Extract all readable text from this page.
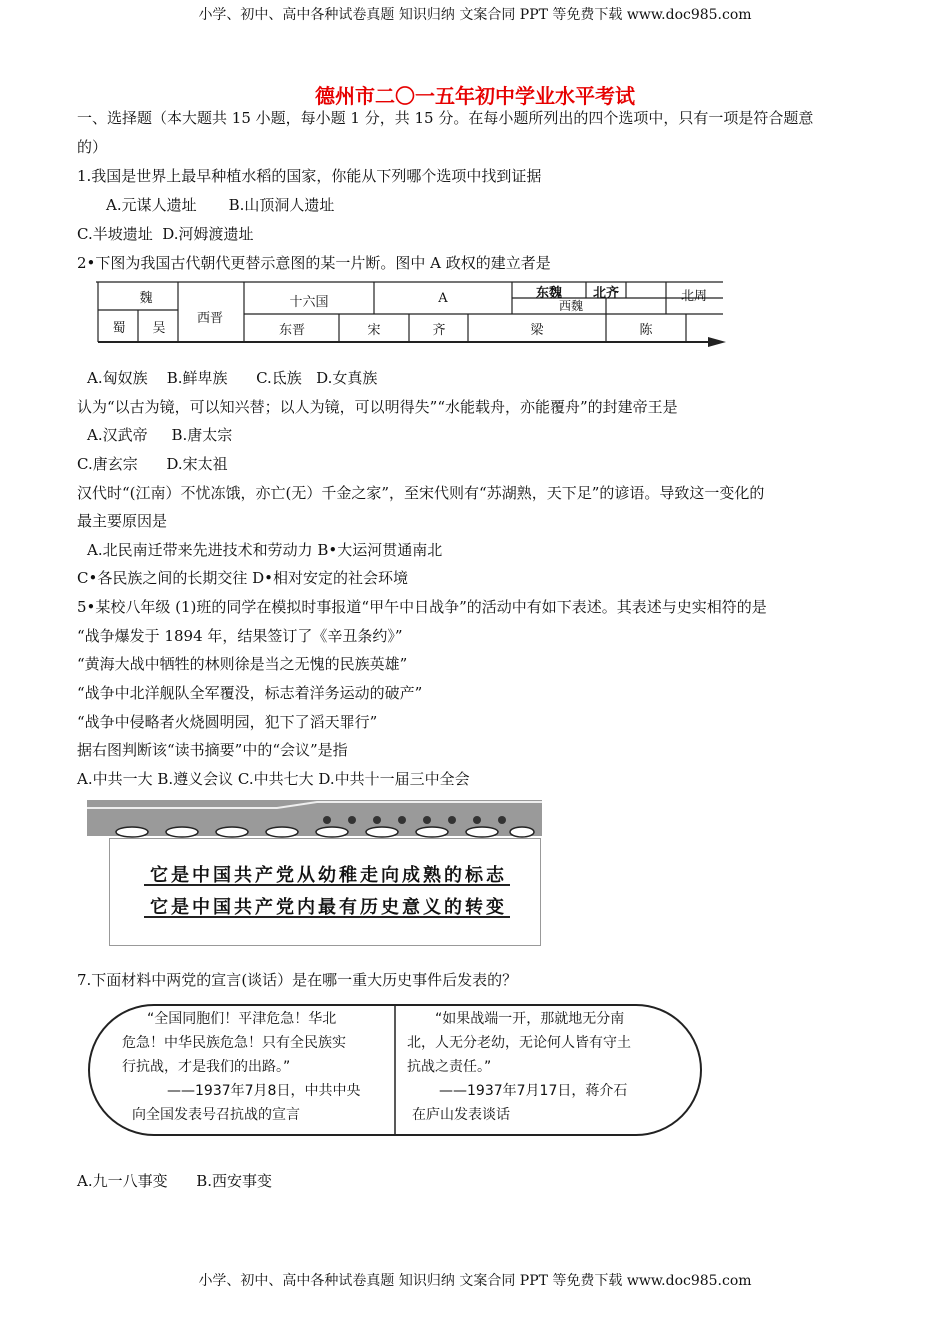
小学、初中、高中各种试卷真题 知识归纳 文案合同 PPT 等免费下载 www.doc985.com
德州市二〇一五年初中学业水平考试
一、选择题（本大题共 15 小题，每小题 1 分，共 15 分。在每小题所列出的四个选项中，只有一项是符合题意
的）
1.我国是世界上最早种植水稻的国家，你能从下列哪个选项中找到证据
A.元谋人遗址 B.山顶洞人遗址
C.半坡遗址 D.河姆渡遗址
2•下图为我国古代朝代更替示意图的某一片断。图中 A 政权的建立者是
魏
蜀	吴
西晋
十六国	A	东魏	北齐	北周
西魏
东晋	宋	齐	梁	陈
A.匈奴族 B.鲜卑族 C.氐族 D.女真族
认为“以古为镜，可以知兴替；以人为镜，可以明得失”“水能载舟，亦能覆舟”的封建帝王是
A.汉武帝 B.唐太宗
C.唐玄宗 D.宋太祖
汉代时“(江南）不忧冻饿，亦亡(无）千金之家”，至宋代则有“苏湖熟，天下足”的谚语。导致这一变化的
最主要原因是
A.北民南迁带来先进技术和劳动力 B•大运河贯通南北
C•各民族之间的长期交往 D•相对安定的社会环境
5•某校八年级 (1)班的同学在模拟时事报道“甲午中日战争”的活动中有如下表述。其表述与史实相符的是
“战争爆发于 1894 年，结果签订了《辛丑条约》”
“黄海大战中牺牲的林则徐是当之无愧的民族英雄”
“战争中北洋舰队全军覆没，标志着洋务运动的破产”
“战争中侵略者火烧圆明园，犯下了滔天罪行”
据右图判断该“读书摘要”中的“会议”是指
A.中共一大 B.遵义会议 C.中共七大 D.中共十一届三中全会
它是中国共产党从幼稚走向成熟的标志
它是中国共产党内最有历史意义的转变
7.下面材料中两党的宣言(谈话）是在哪一重大历史事件后发表的？
“全国同胞们！平津危急！华北
危急！中华民族危急！只有全民族实
行抗战，才是我们的出路。”
——1937年7月8日，中共中央
向全国发表号召抗战的宣言
“如果战端一开，那就地无分南
北，人无分老幼，无论何人皆有守土
抗战之责任。”
——1937年7月17日，蒋介石
在庐山发表谈话
A.九一八事变 B.西安事变
小学、初中、高中各种试卷真题 知识归纳 文案合同 PPT 等免费下载 www.doc985.com
